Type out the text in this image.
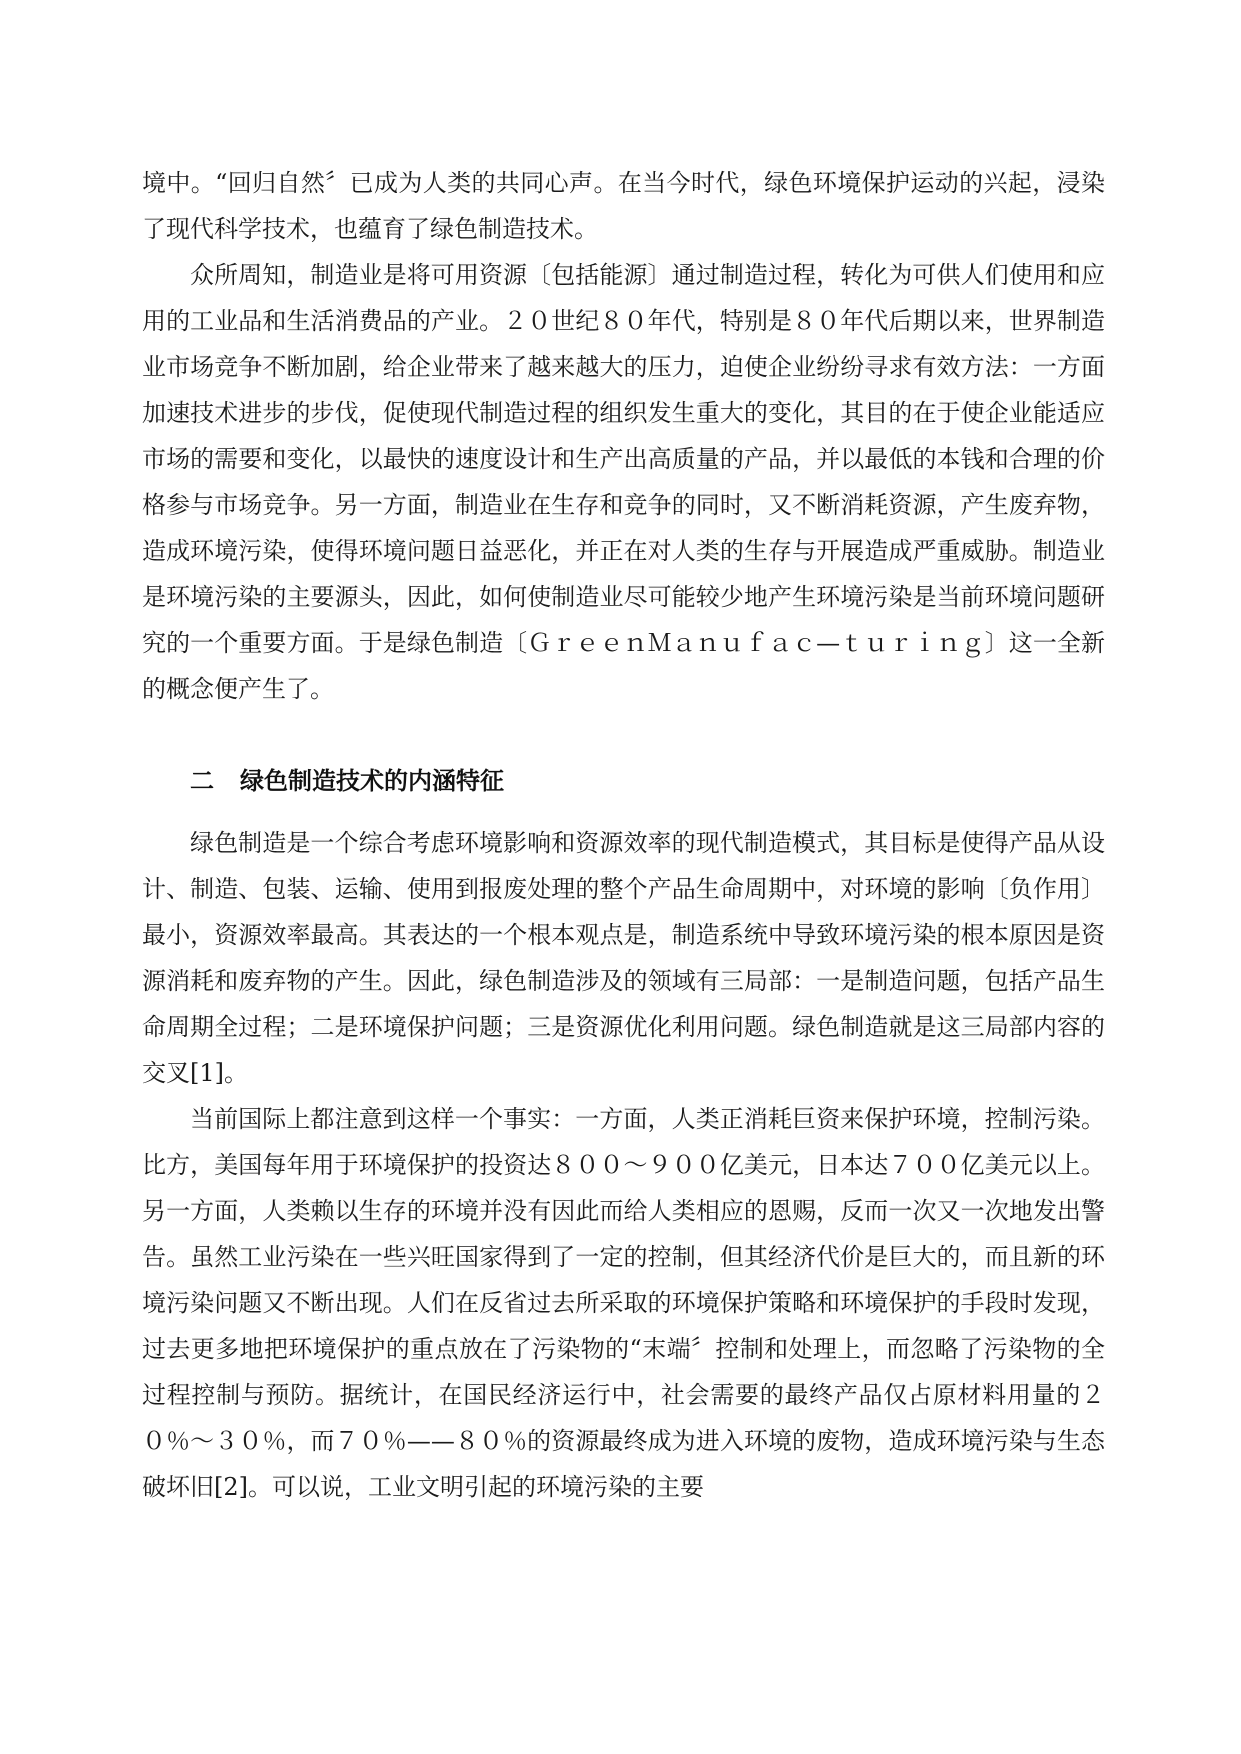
境中。“回归自然〞已成为人类的共同心声。在当今时代，绿色环境保护运动的兴起，浸染了现代科学技术，也蕴育了绿色制造技术。

众所周知，制造业是将可用资源〔包括能源〕通过制造过程，转化为可供人们使用和应用的工业品和生活消费品的产业。２０世纪８０年代，特别是８０年代后期以来，世界制造业市场竞争不断加剧，给企业带来了越来越大的压力，迫使企业纷纷寻求有效方法：一方面加速技术进步的步伐，促使现代制造过程的组织发生重大的变化，其目的在于使企业能适应市场的需要和变化，以最快的速度设计和生产出高质量的产品，并以最低的本钱和合理的价格参与市场竞争。另一方面，制造业在生存和竞争的同时，又不断消耗资源，产生废弃物，造成环境污染，使得环境问题日益恶化，并正在对人类的生存与开展造成严重威胁。制造业是环境污染的主要源头，因此，如何使制造业尽可能较少地产生环境污染是当前环境问题研究的一个重要方面。于是绿色制造〔ＧｒｅｅｎＭａｎｕｆａｃ—ｔｕｒｉｎｇ〕这一全新的概念便产生了。

二 绿色制造技术的内涵特征

绿色制造是一个综合考虑环境影响和资源效率的现代制造模式，其目标是使得产品从设计、制造、包装、运输、使用到报废处理的整个产品生命周期中，对环境的影响〔负作用〕最小，资源效率最高。其表达的一个根本观点是，制造系统中导致环境污染的根本原因是资源消耗和废弃物的产生。因此，绿色制造涉及的领域有三局部：一是制造问题，包括产品生命周期全过程；二是环境保护问题；三是资源优化利用问题。绿色制造就是这三局部内容的交叉[1]。

当前国际上都注意到这样一个事实：一方面，人类正消耗巨资来保护环境，控制污染。比方，美国每年用于环境保护的投资达８００～９００亿美元，日本达７００亿美元以上。另一方面，人类赖以生存的环境并没有因此而给人类相应的恩赐，反而一次又一次地发出警告。虽然工业污染在一些兴旺国家得到了一定的控制，但其经济代价是巨大的，而且新的环境污染问题又不断出现。人们在反省过去所采取的环境保护策略和环境保护的手段时发现，过去更多地把环境保护的重点放在了污染物的“末端〞控制和处理上，而忽略了污染物的全过程控制与预防。据统计，在国民经济运行中，社会需要的最终产品仅占原材料用量的２０％～３０％，而７０％——８０％的资源最终成为进入环境的废物，造成环境污染与生态破坏旧[2]。可以说，工业文明引起的环境污染的主要
